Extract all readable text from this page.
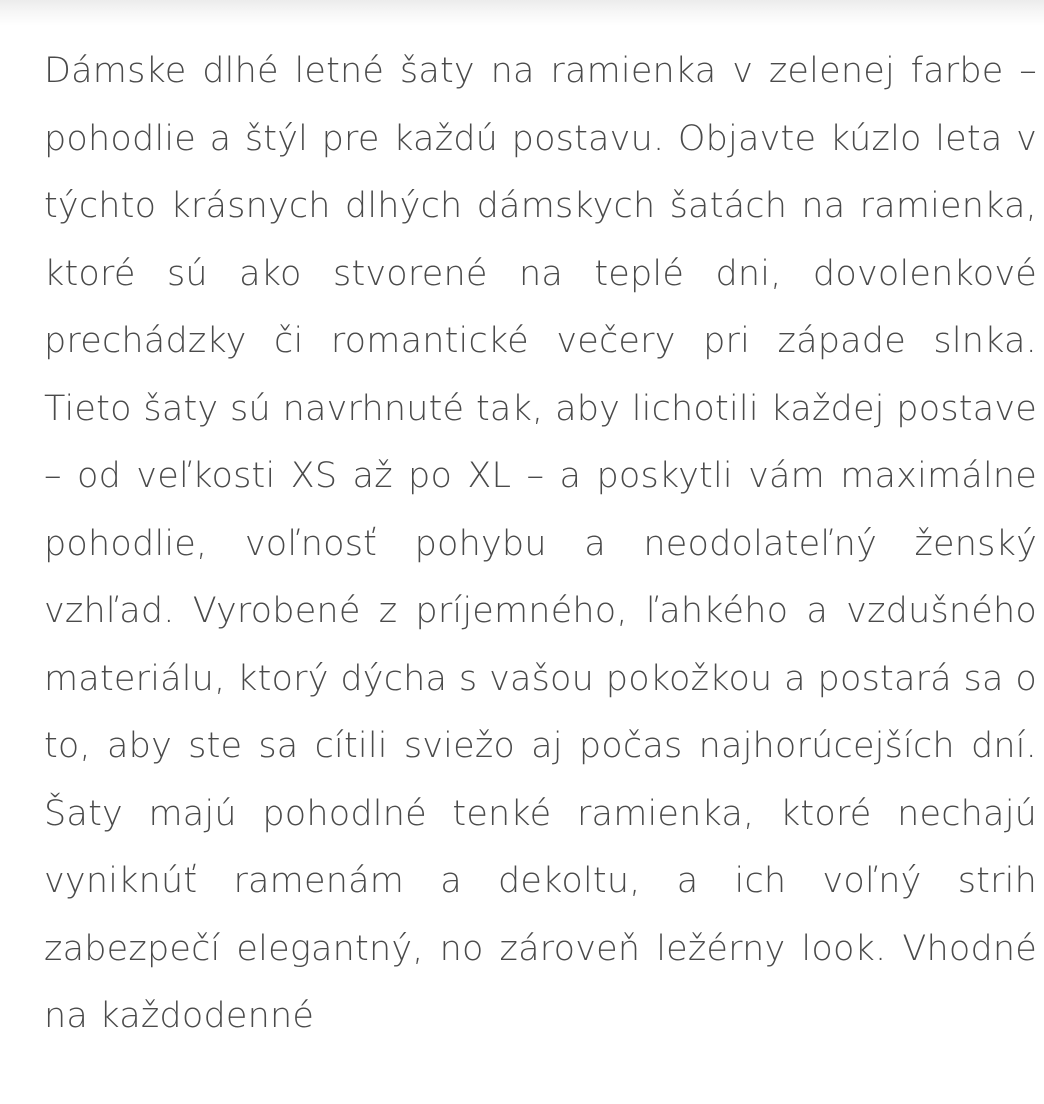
Dámske dlhé letné šaty na ramienka v zelenej farbe – pohodlie a štýl pre každú postavu. Objavte kúzlo leta v týchto krásnych dlhých dámskych šatách na ramienka, ktoré sú ako stvorené na teplé dni, dovolenkové prechádzky či romantické večery pri západe slnka. Tieto šaty sú navrhnuté tak, aby lichotili každej postave – od veľkosti XS až po XL – a poskytli vám maximálne pohodlie, voľnosť pohybu a neodolateľný ženský vzhľad. Vyrobené z príjemného, ľahkého a vzdušného materiálu, ktorý dýcha s vašou pokožkou a postará sa o to, aby ste sa cítili sviežo aj počas najhorúcejších dní. Šaty majú pohodlné tenké ramienka, ktoré nechajú vyniknúť ramenám a dekoltu, a ich voľný strih zabezpečí elegantný, no zároveň ležérny look. Vhodné na každodenné
